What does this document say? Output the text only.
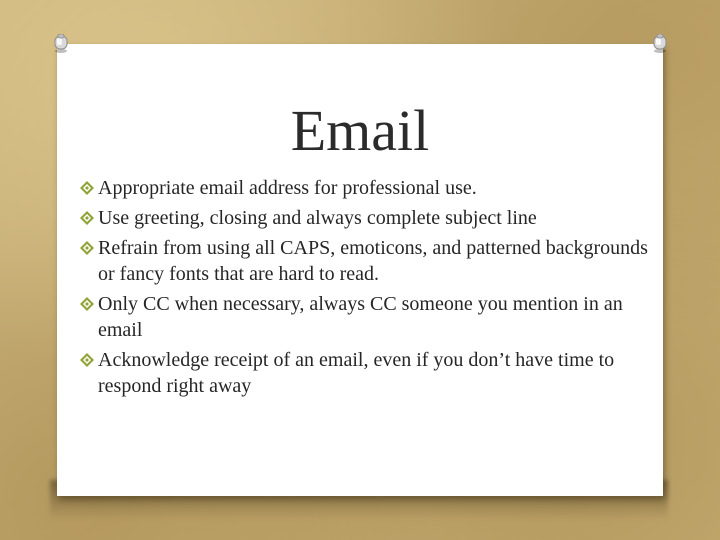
Email
Appropriate email address for professional use.
Use greeting, closing and always complete subject line
Refrain from using all CAPS, emoticons, and patterned backgrounds or fancy fonts that are hard to read.
Only CC when necessary, always CC someone you mention in an email
Acknowledge receipt of an email, even if you don’t have time to respond right away
